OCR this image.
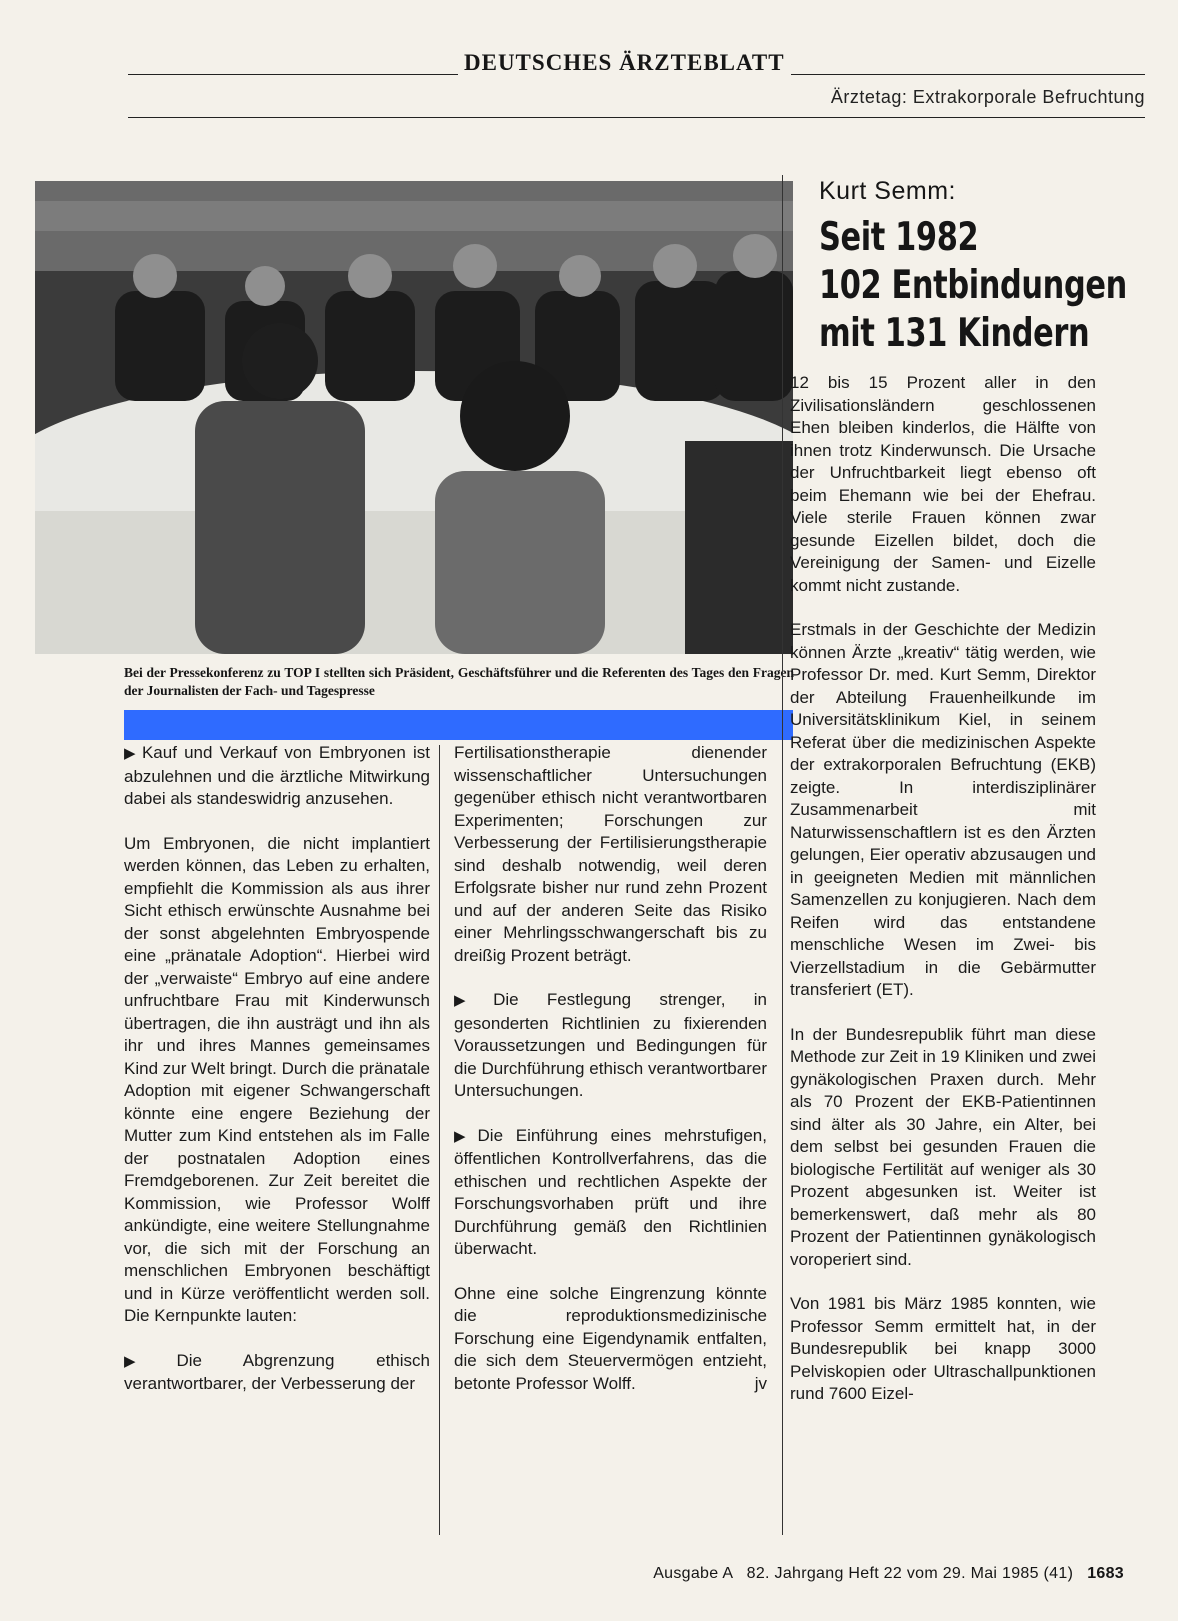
DEUTSCHES ÄRZTEBLATT
Ärztetag: Extrakorporale Befruchtung
Bei der Pressekonferenz zu TOP I stellten sich Präsident, Geschäftsführer und die Referenten des Tages den Fragen der Journalisten der Fach- und Tagespresse

▶ Kauf und Verkauf von Embryonen ist abzulehnen und die ärztliche Mitwirkung dabei als standeswidrig anzusehen.

Um Embryonen, die nicht implantiert werden können, das Leben zu erhalten, empfiehlt die Kommission als aus ihrer Sicht ethisch erwünschte Ausnahme bei der sonst abgelehnten Embryospende eine „pränatale Adoption“. Hierbei wird der „verwaiste“ Embryo auf eine andere unfruchtbare Frau mit Kinderwunsch übertragen, die ihn austrägt und ihn als ihr und ihres Mannes gemeinsames Kind zur Welt bringt. Durch die pränatale Adoption mit eigener Schwangerschaft könnte eine engere Beziehung der Mutter zum Kind entstehen als im Falle der postnatalen Adoption eines Fremdgeborenen. Zur Zeit bereitet die Kommission, wie Professor Wolff ankündigte, eine weitere Stellungnahme vor, die sich mit der Forschung an menschlichen Embryonen beschäftigt und in Kürze veröffentlicht werden soll. Die Kernpunkte lauten:

▶ Die Abgrenzung ethisch verantwortbarer, der Verbesserung der

Fertilisationstherapie dienender wissenschaftlicher Untersuchungen gegenüber ethisch nicht verantwortbaren Experimenten; Forschungen zur Verbesserung der Fertilisierungstherapie sind deshalb notwendig, weil deren Erfolgsrate bisher nur rund zehn Prozent und auf der anderen Seite das Risiko einer Mehrlingsschwangerschaft bis zu dreißig Prozent beträgt.

▶ Die Festlegung strenger, in gesonderten Richtlinien zu fixierenden Voraussetzungen und Bedingungen für die Durchführung ethisch verantwortbarer Untersuchungen.

▶ Die Einführung eines mehrstufigen, öffentlichen Kontrollverfahrens, das die ethischen und rechtlichen Aspekte der Forschungsvorhaben prüft und ihre Durchführung gemäß den Richtlinien überwacht.

Ohne eine solche Eingrenzung könnte die reproduktionsmedizinische Forschung eine Eigendynamik entfalten, die sich dem Steuervermögen entzieht, betonte Professor Wolff.	jv

Kurt Semm:
Seit 1982
102 Entbindungen
mit 131 Kindern

12 bis 15 Prozent aller in den Zivilisationsländern geschlossenen Ehen bleiben kinderlos, die Hälfte von ihnen trotz Kinderwunsch. Die Ursache der Unfruchtbarkeit liegt ebenso oft beim Ehemann wie bei der Ehefrau. Viele sterile Frauen können zwar gesunde Eizellen bildet, doch die Vereinigung der Samen- und Eizelle kommt nicht zustande.

Erstmals in der Geschichte der Medizin können Ärzte „kreativ“ tätig werden, wie Professor Dr. med. Kurt Semm, Direktor der Abteilung Frauenheilkunde im Universitätsklinikum Kiel, in seinem Referat über die medizinischen Aspekte der extrakorporalen Befruchtung (EKB) zeigte. In interdisziplinärer Zusammenarbeit mit Naturwissenschaftlern ist es den Ärzten gelungen, Eier operativ abzusaugen und in geeigneten Medien mit männlichen Samenzellen zu konjugieren. Nach dem Reifen wird das entstandene menschliche Wesen im Zwei- bis Vierzellstadium in die Gebärmutter transferiert (ET).

In der Bundesrepublik führt man diese Methode zur Zeit in 19 Kliniken und zwei gynäkologischen Praxen durch. Mehr als 70 Prozent der EKB-Patientinnen sind älter als 30 Jahre, ein Alter, bei dem selbst bei gesunden Frauen die biologische Fertilität auf weniger als 30 Prozent abgesunken ist. Weiter ist bemerkenswert, daß mehr als 80 Prozent der Patientinnen gynäkologisch voroperiert sind.

Von 1981 bis März 1985 konnten, wie Professor Semm ermittelt hat, in der Bundesrepublik bei knapp 3000 Pelviskopien oder Ultraschallpunktionen rund 7600 Eizel-

Ausgabe A   82. Jahrgang Heft 22 vom 29. Mai 1985 (41) 1683
